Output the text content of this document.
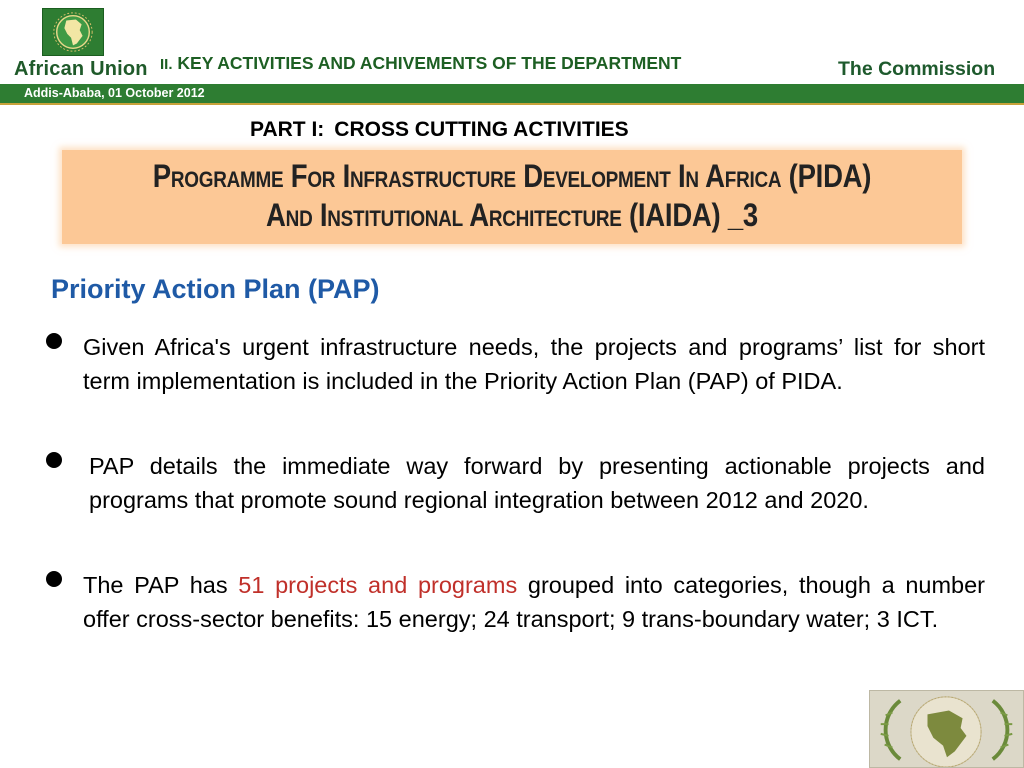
African Union II. KEY ACTIVITIES AND ACHIVEMENTS OF THE DEPARTMENT	The Commission
Addis-Ababa, 01 October 2012
PART I: CROSS CUTTING ACTIVITIES
Programme For Infrastructure Development In Africa (PIDA)
And Institutional Architecture (IAIDA) _3
Priority Action Plan (PAP)
Given Africa's urgent infrastructure needs, the projects and programs’ list for short term implementation is included in the Priority Action Plan (PAP) of PIDA.
PAP details the immediate way forward by presenting actionable projects and programs that promote sound regional integration between 2012 and 2020.
The PAP has 51 projects and programs grouped into categories, though a number offer cross-sector benefits: 15 energy; 24 transport; 9 trans-boundary water; 3 ICT.
